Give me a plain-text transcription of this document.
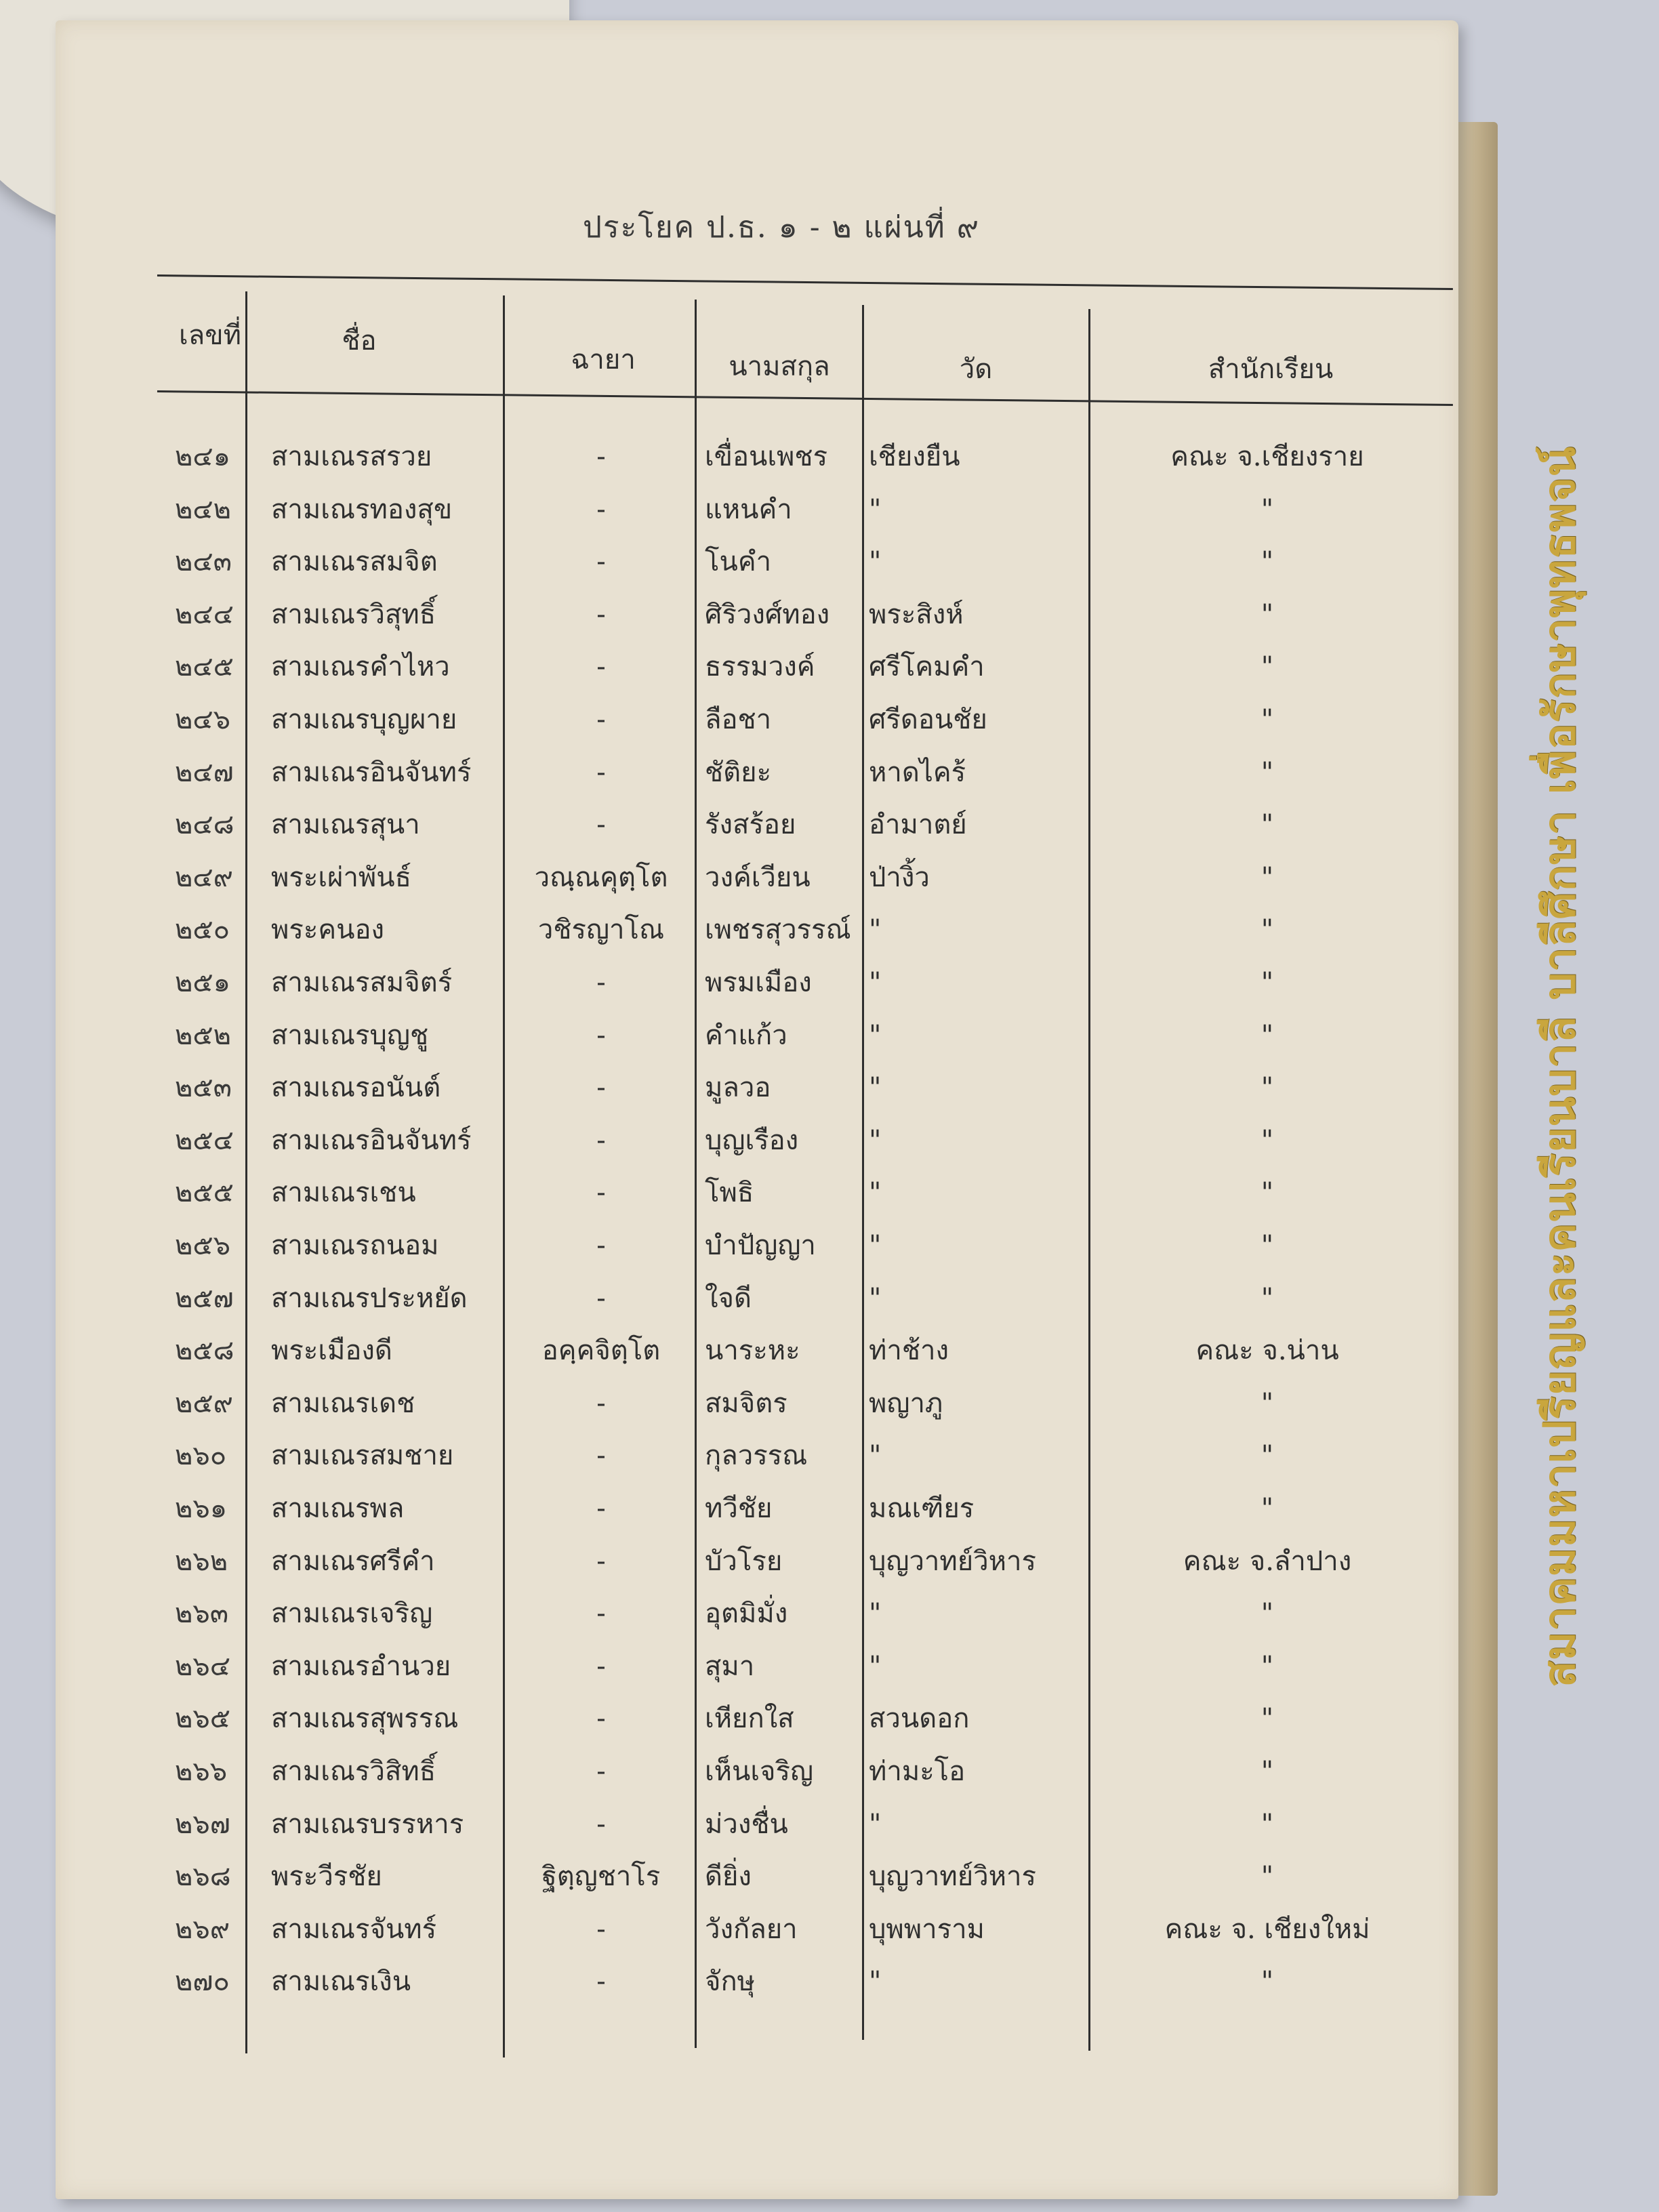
ประโยค ป.ธ. ๑ - ๒ แผ่นที่ ๙
เลขที่	ชื่อ
ฉายา	นามสกุล	วัด	สำนักเรียน
๒๔๑ สามเณรสรวย	-	เขื่อนเพชร เชียงยืน	คณะ จ.เชียงราย
๒๔๒ สามเณรทองสุข	-	แหนคำ	"	"
๒๔๓ สามเณรสมจิต	-	โนคำ	"	"
๒๔๔ สามเณรวิสุทธิ์	-	ศิริวงศ์ทอง พระสิงห์	"
๒๔๕ สามเณรคำไหว	-	ธรรมวงค์ ศรีโคมคำ	"
๒๔๖ สามเณรบุญผาย	-	ลือชา	ศรีดอนชัย	"
๒๔๗ สามเณรอินจันทร์	-	ชัติยะ	หาดไคร้	"
๒๔๘ สามเณรสุนา	-	รังสร้อย	อำมาตย์	"
๒๔๙ พระเผ่าพันธ์	วณฺณคุตฺโต	วงค์เวียน ป่างิ้ว	"
๒๕๐ พระคนอง	วชิรญาโณ	เพชรสุวรรณ์ "	"
๒๕๑ สามเณรสมจิตร์	-	พรมเมือง "	"
๒๕๒ สามเณรบุญชู	-	คำแก้ว	"	"
๒๕๓ สามเณรอนันต์	-	มูลวอ	"	"
๒๕๔ สามเณรอินจันทร์	-	บุญเรือง	"	"
๒๕๕ สามเณรเชน	-	โพธิ	"	"
๒๕๖ สามเณรถนอม	-	บำปัญญา "	"
๒๕๗ สามเณรประหยัด	-	ใจดี	"	"
๒๕๘ พระเมืองดี	อคฺคจิตฺโต	นาระหะ	ท่าช้าง	คณะ จ.น่าน
๒๕๙ สามเณรเดช	-	สมจิตร	พญาภู	"
๒๖๐ สามเณรสมชาย	-	กุลวรรณ "	"
๒๖๑ สามเณรพล	-	ทวีชัย	มณเฑียร	"
๒๖๒ สามเณรศรีคำ	-	บัวโรย	บุญวาทย์วิหาร	คณะ จ.ลำปาง
๒๖๓ สามเณรเจริญ	-	อุตมิมั่ง	"	"
๒๖๔ สามเณรอำนวย	-	สุมา	"	"
๒๖๕ สามเณรสุพรรณ	-	เหียกใส	สวนดอก	"
๒๖๖ สามเณรวิสิทธิ์	-	เห็นเจริญ ท่ามะโอ	"
๒๖๗ สามเณรบรรหาร	-	ม่วงชื่น	"	"
๒๖๘ พระวีรชัย	ฐิตฺญชาโร	ดียิ่ง	บุญวาทย์วิหาร	"
๒๖๙ สามเณรจันทร์	-	วังกัลยา	บุพพาราม	คณะ จ. เชียงใหม่
๒๗๐ สามเณรเงิน	-	จักษุ	"	"
สมาคมมหาเปรียญและคนเรียนบาลี บาลีศึกษา เพื่อรักษาพุทธพจน์
